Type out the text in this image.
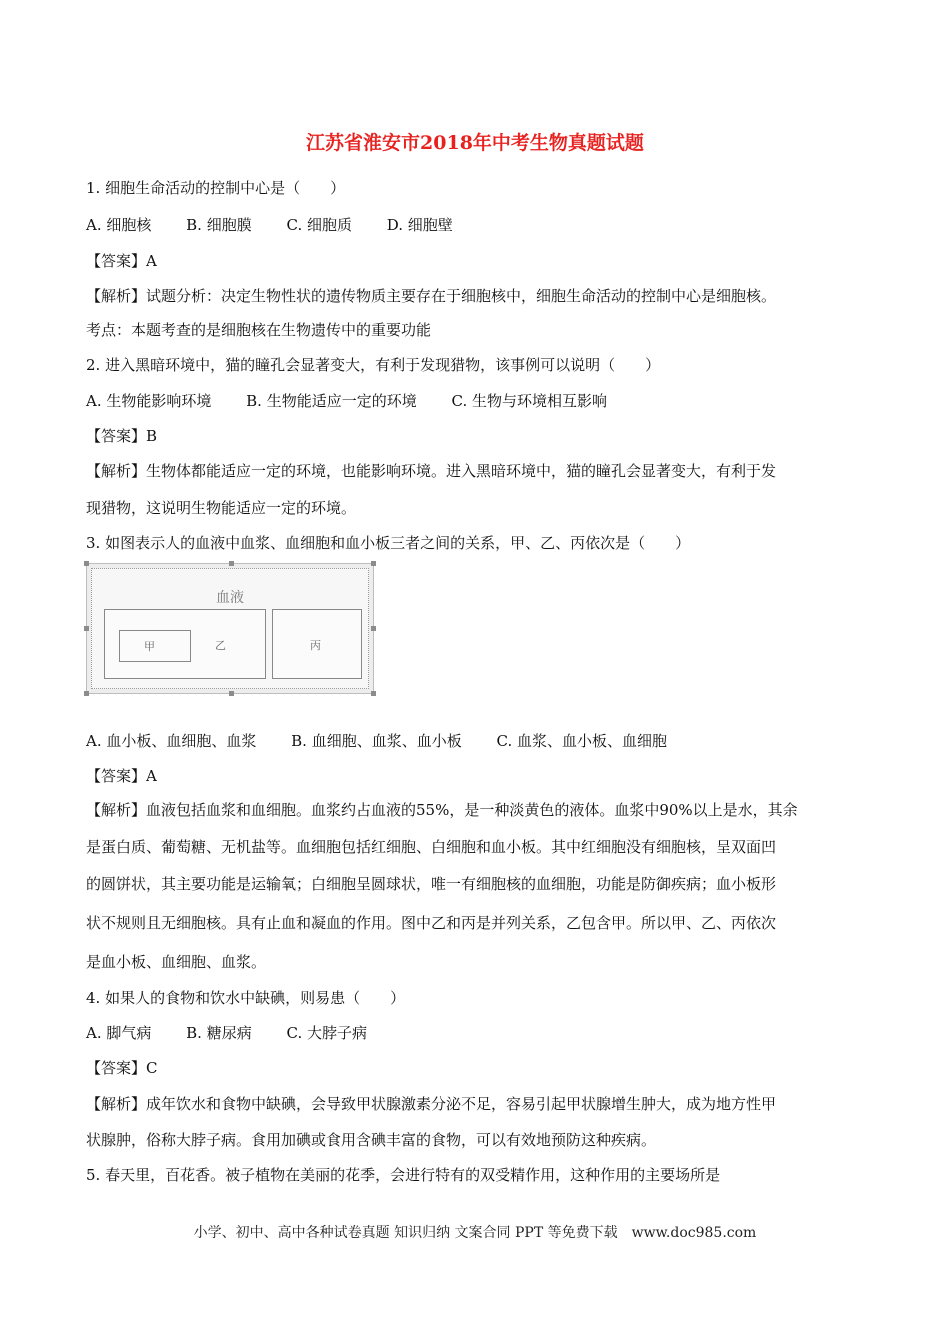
江苏省淮安市2018年中考生物真题试题
1. 细胞生命活动的控制中心是（　　）
A. 细胞核 B. 细胞膜 C. 细胞质 D. 细胞壁
【答案】A
【解析】试题分析：决定生物性状的遗传物质主要存在于细胞核中，细胞生命活动的控制中心是细胞核。
考点：本题考查的是细胞核在生物遗传中的重要功能
2. 进入黑暗环境中，猫的瞳孔会显著变大，有利于发现猎物，该事例可以说明（　　）
A. 生物能影响环境 B. 生物能适应一定的环境 C. 生物与环境相互影响
【答案】B
【解析】生物体都能适应一定的环境，也能影响环境。进入黑暗环境中，猫的瞳孔会显著变大，有利于发
现猎物，这说明生物能适应一定的环境。
3. 如图表示人的血液中血浆、血细胞和血小板三者之间的关系，甲、乙、丙依次是（　　）
血液
甲	乙	丙
A. 血小板、血细胞、血浆 B. 血细胞、血浆、血小板 C. 血浆、血小板、血细胞
【答案】A
【解析】血液包括血浆和血细胞。血浆约占血液的55%，是一种淡黄色的液体。血浆中90%以上是水，其余
是蛋白质、葡萄糖、无机盐等。血细胞包括红细胞、白细胞和血小板。其中红细胞没有细胞核，呈双面凹
的圆饼状，其主要功能是运输氧；白细胞呈圆球状，唯一有细胞核的血细胞，功能是防御疾病；血小板形
状不规则且无细胞核。具有止血和凝血的作用。图中乙和丙是并列关系，乙包含甲。所以甲、乙、丙依次
是血小板、血细胞、血浆。
4. 如果人的食物和饮水中缺碘，则易患（　　）
A. 脚气病 B. 糖尿病 C. 大脖子病
【答案】C
【解析】成年饮水和食物中缺碘，会导致甲状腺激素分泌不足，容易引起甲状腺增生肿大，成为地方性甲
状腺肿，俗称大脖子病。食用加碘或食用含碘丰富的食物，可以有效地预防这种疾病。
5. 春天里，百花香。被子植物在美丽的花季，会进行特有的双受精作用，这种作用的主要场所是
小学、初中、高中各种试卷真题 知识归纳 文案合同 PPT 等免费下载　www.doc985.com
